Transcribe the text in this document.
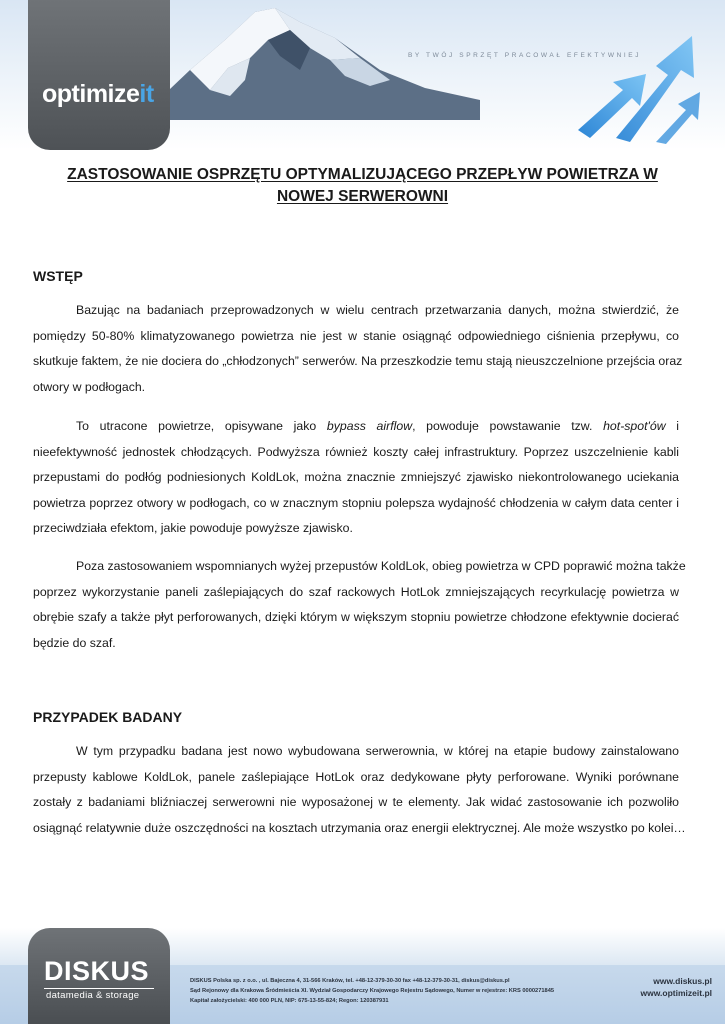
BY TWÓJ SPRZĘT PRACOWAŁ EFEKTYWNIEJ
optimizeit
ZASTOSOWANIE OSPRZĘTU OPTYMALIZUJĄCEGO PRZEPŁYW POWIETRZA W
NOWEJ SERWEROWNI
WSTĘP
Bazując na badaniach przeprowadzonych w wielu centrach przetwarzania danych, można stwierdzić, że
pomiędzy 50-80% klimatyzowanego powietrza nie jest w stanie osiągnąć odpowiedniego ciśnienia przepływu, co
skutkuje faktem, że nie dociera do „chłodzonych” serwerów. Na przeszkodzie temu stają nieuszczelnione przejścia oraz
otwory w podłogach.
To utracone powietrze, opisywane jako bypass airflow, powoduje powstawanie tzw. hot-spot'ów i
nieefektywność jednostek chłodzących. Podwyższa również koszty całej infrastruktury. Poprzez uszczelnienie kabli
przepustami do podłóg podniesionych KoldLok, można znacznie zmniejszyć zjawisko niekontrolowanego uciekania
powietrza poprzez otwory w podłogach, co w znacznym stopniu polepsza wydajność chłodzenia w całym data center i
przeciwdziała efektom, jakie powoduje powyższe zjawisko.
Poza zastosowaniem wspomnianych wyżej przepustów KoldLok, obieg powietrza w CPD poprawić można także
poprzez wykorzystanie paneli zaślepiających do szaf rackowych HotLok zmniejszających recyrkulację powietrza w
obrębie szafy a także płyt perforowanych, dzięki którym w większym stopniu powietrze chłodzone efektywnie docierać
będzie do szaf.
PRZYPADEK BADANY
W tym przypadku badana jest nowo wybudowana serwerownia, w której na etapie budowy zainstalowano
przepusty kablowe KoldLok, panele zaślepiające HotLok oraz dedykowane płyty perforowane. Wyniki porównane
zostały z badaniami bliźniaczej serwerowni nie wyposażonej w te elementy. Jak widać zastosowanie ich pozwoliło
osiągnąć relatywnie duże oszczędności na kosztach utrzymania oraz energii elektrycznej. Ale może wszystko po kolei…
DISKUS
datamedia & storage
DISKUS Polska sp. z o.o. , ul. Bajeczna 4, 31-566 Kraków, tel. +48-12-379-30-30 fax +48-12-379-30-31, diskus@diskus.pl
Sąd Rejonowy dla Krakowa Śródmieścia XI. Wydział Gospodarczy Krajowego Rejestru Sądowego, Numer w rejestrze: KRS 0000271845
Kapitał założycielski: 400 000 PLN, NIP: 675-13-55-824; Regon: 120387931
www.diskus.pl
www.optimizeit.pl
